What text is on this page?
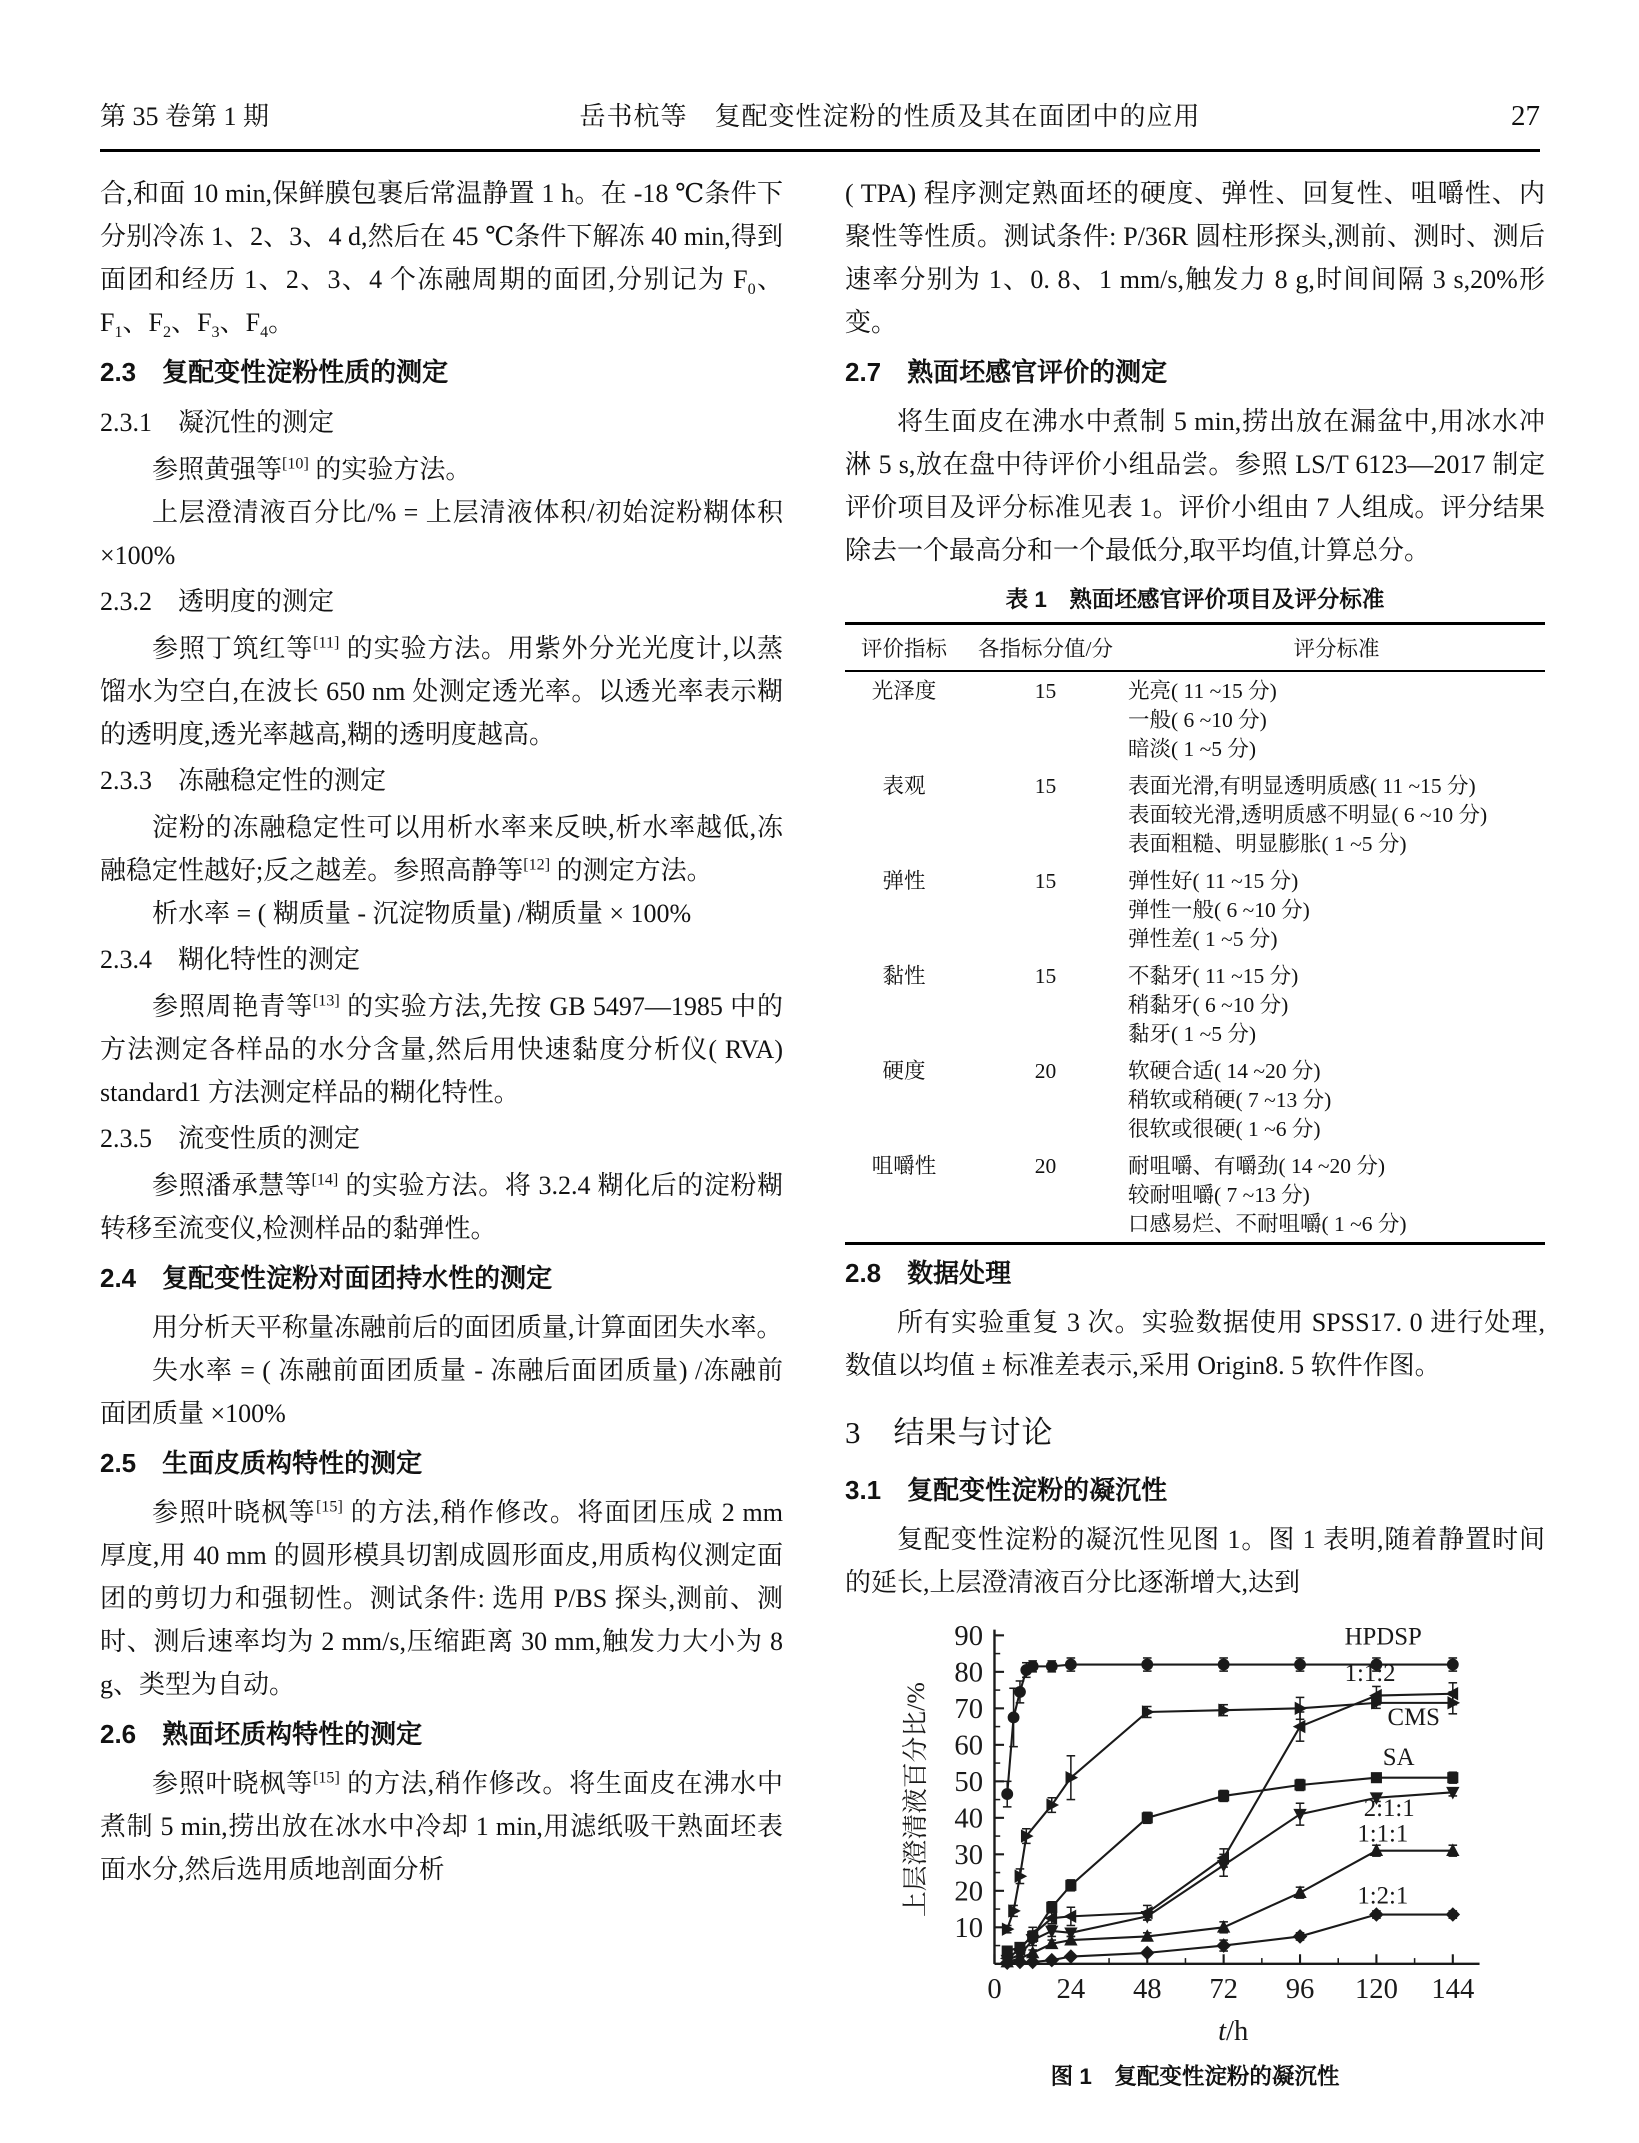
第 35 卷第 1 期	岳书杭等　复配变性淀粉的性质及其在面团中的应用	27

合,和面 10 min,保鲜膜包裹后常温静置 1 h。在 -18 ℃条件下分别冷冻 1、2、3、4 d,然后在 45 ℃条件下解冻 40 min,得到面团和经历 1、2、3、4 个冻融周期的面团,分别记为 $F_0$、$F_1$、$F_2$、$F_3$、$F_4$。

2.3　复配变性淀粉性质的测定
2.3.1　凝沉性的测定

参照黄强等[10] 的实验方法。

上层澄清液百分比/% = 上层清液体积/初始淀粉糊体积 ×100%

2.3.2　透明度的测定

参照丁筑红等[11] 的实验方法。用紫外分光光度计,以蒸馏水为空白,在波长 650 nm 处测定透光率。以透光率表示糊的透明度,透光率越高,糊的透明度越高。

2.3.3　冻融稳定性的测定

淀粉的冻融稳定性可以用析水率来反映,析水率越低,冻融稳定性越好;反之越差。参照高静等[12] 的测定方法。

析水率 = ( 糊质量 - 沉淀物质量) /糊质量 × 100%

2.3.4　糊化特性的测定

参照周艳青等[13] 的实验方法,先按 GB 5497—1985 中的方法测定各样品的水分含量,然后用快速黏度分析仪( RVA) standard1 方法测定样品的糊化特性。

2.3.5　流变性质的测定

参照潘承慧等[14] 的实验方法。将 3.2.4 糊化后的淀粉糊转移至流变仪,检测样品的黏弹性。

2.4　复配变性淀粉对面团持水性的测定

用分析天平称量冻融前后的面团质量,计算面团失水率。

失水率 = ( 冻融前面团质量 - 冻融后面团质量) /冻融前面团质量 ×100%

2.5　生面皮质构特性的测定

参照叶晓枫等[15] 的方法,稍作修改。将面团压成 2 mm 厚度,用 40 mm 的圆形模具切割成圆形面皮,用质构仪测定面团的剪切力和强韧性。测试条件: 选用 P/BS 探头,测前、测时、测后速率均为 2 mm/s,压缩距离 30 mm,触发力大小为 8 g、类型为自动。

2.6　熟面坯质构特性的测定

参照叶晓枫等[15] 的方法,稍作修改。将生面皮在沸水中煮制 5 min,捞出放在冰水中冷却 1 min,用滤纸吸干熟面坯表面水分,然后选用质地剖面分析

( TPA) 程序测定熟面坯的硬度、弹性、回复性、咀嚼性、内聚性等性质。测试条件: P/36R 圆柱形探头,测前、测时、测后速率分别为 1、0. 8、1 mm/s,触发力 8 g,时间间隔 3 s,20%形变。

2.7　熟面坯感官评价的测定

将生面皮在沸水中煮制 5 min,捞出放在漏盆中,用冰水冲淋 5 s,放在盘中待评价小组品尝。参照 LS/T 6123—2017 制定评价项目及评分标准见表 1。评价小组由 7 人组成。评分结果除去一个最高分和一个最低分,取平均值,计算总分。

表 1　熟面坯感官评价项目及评分标准
评价指标	各指标分值/分	评分标准
光泽度	15	光亮( 11 ~15 分)
一般( 6 ~10 分)
暗淡( 1 ~5 分)

表观	15	表面光滑,有明显透明质感( 11 ~15 分)
表面较光滑,透明质感不明显( 6 ~10 分)
表面粗糙、明显膨胀( 1 ~5 分)

弹性	15	弹性好( 11 ~15 分)
弹性一般( 6 ~10 分)
弹性差( 1 ~5 分)

黏性	15	不黏牙( 11 ~15 分)
稍黏牙( 6 ~10 分)
黏牙( 1 ~5 分)

硬度	20	软硬合适( 14 ~20 分)
稍软或稍硬( 7 ~13 分)
很软或很硬( 1 ~6 分)

咀嚼性	20	耐咀嚼、有嚼劲( 14 ~20 分)
较耐咀嚼( 7 ~13 分)
口感易烂、不耐咀嚼( 1 ~6 分)
2.8　数据处理

所有实验重复 3 次。实验数据使用 SPSS17. 0 进行处理,数值以均值 ± 标准差表示,采用 Origin8. 5 软件作图。

3　结果与讨论
3.1　复配变性淀粉的凝沉性

复配变性淀粉的凝沉性见图 1。图 1 表明,随着静置时间的延长,上层澄清液百分比逐渐增大,达到

10
20
30
40
50
60
70
80
90
0 24 48 72 96 120 144
t/h
上层澄清液百分比/%
HPDSP
1:1:2
CMS
SA
2:1:1
1:1:1
1:2:1
图 1　复配变性淀粉的凝沉性
